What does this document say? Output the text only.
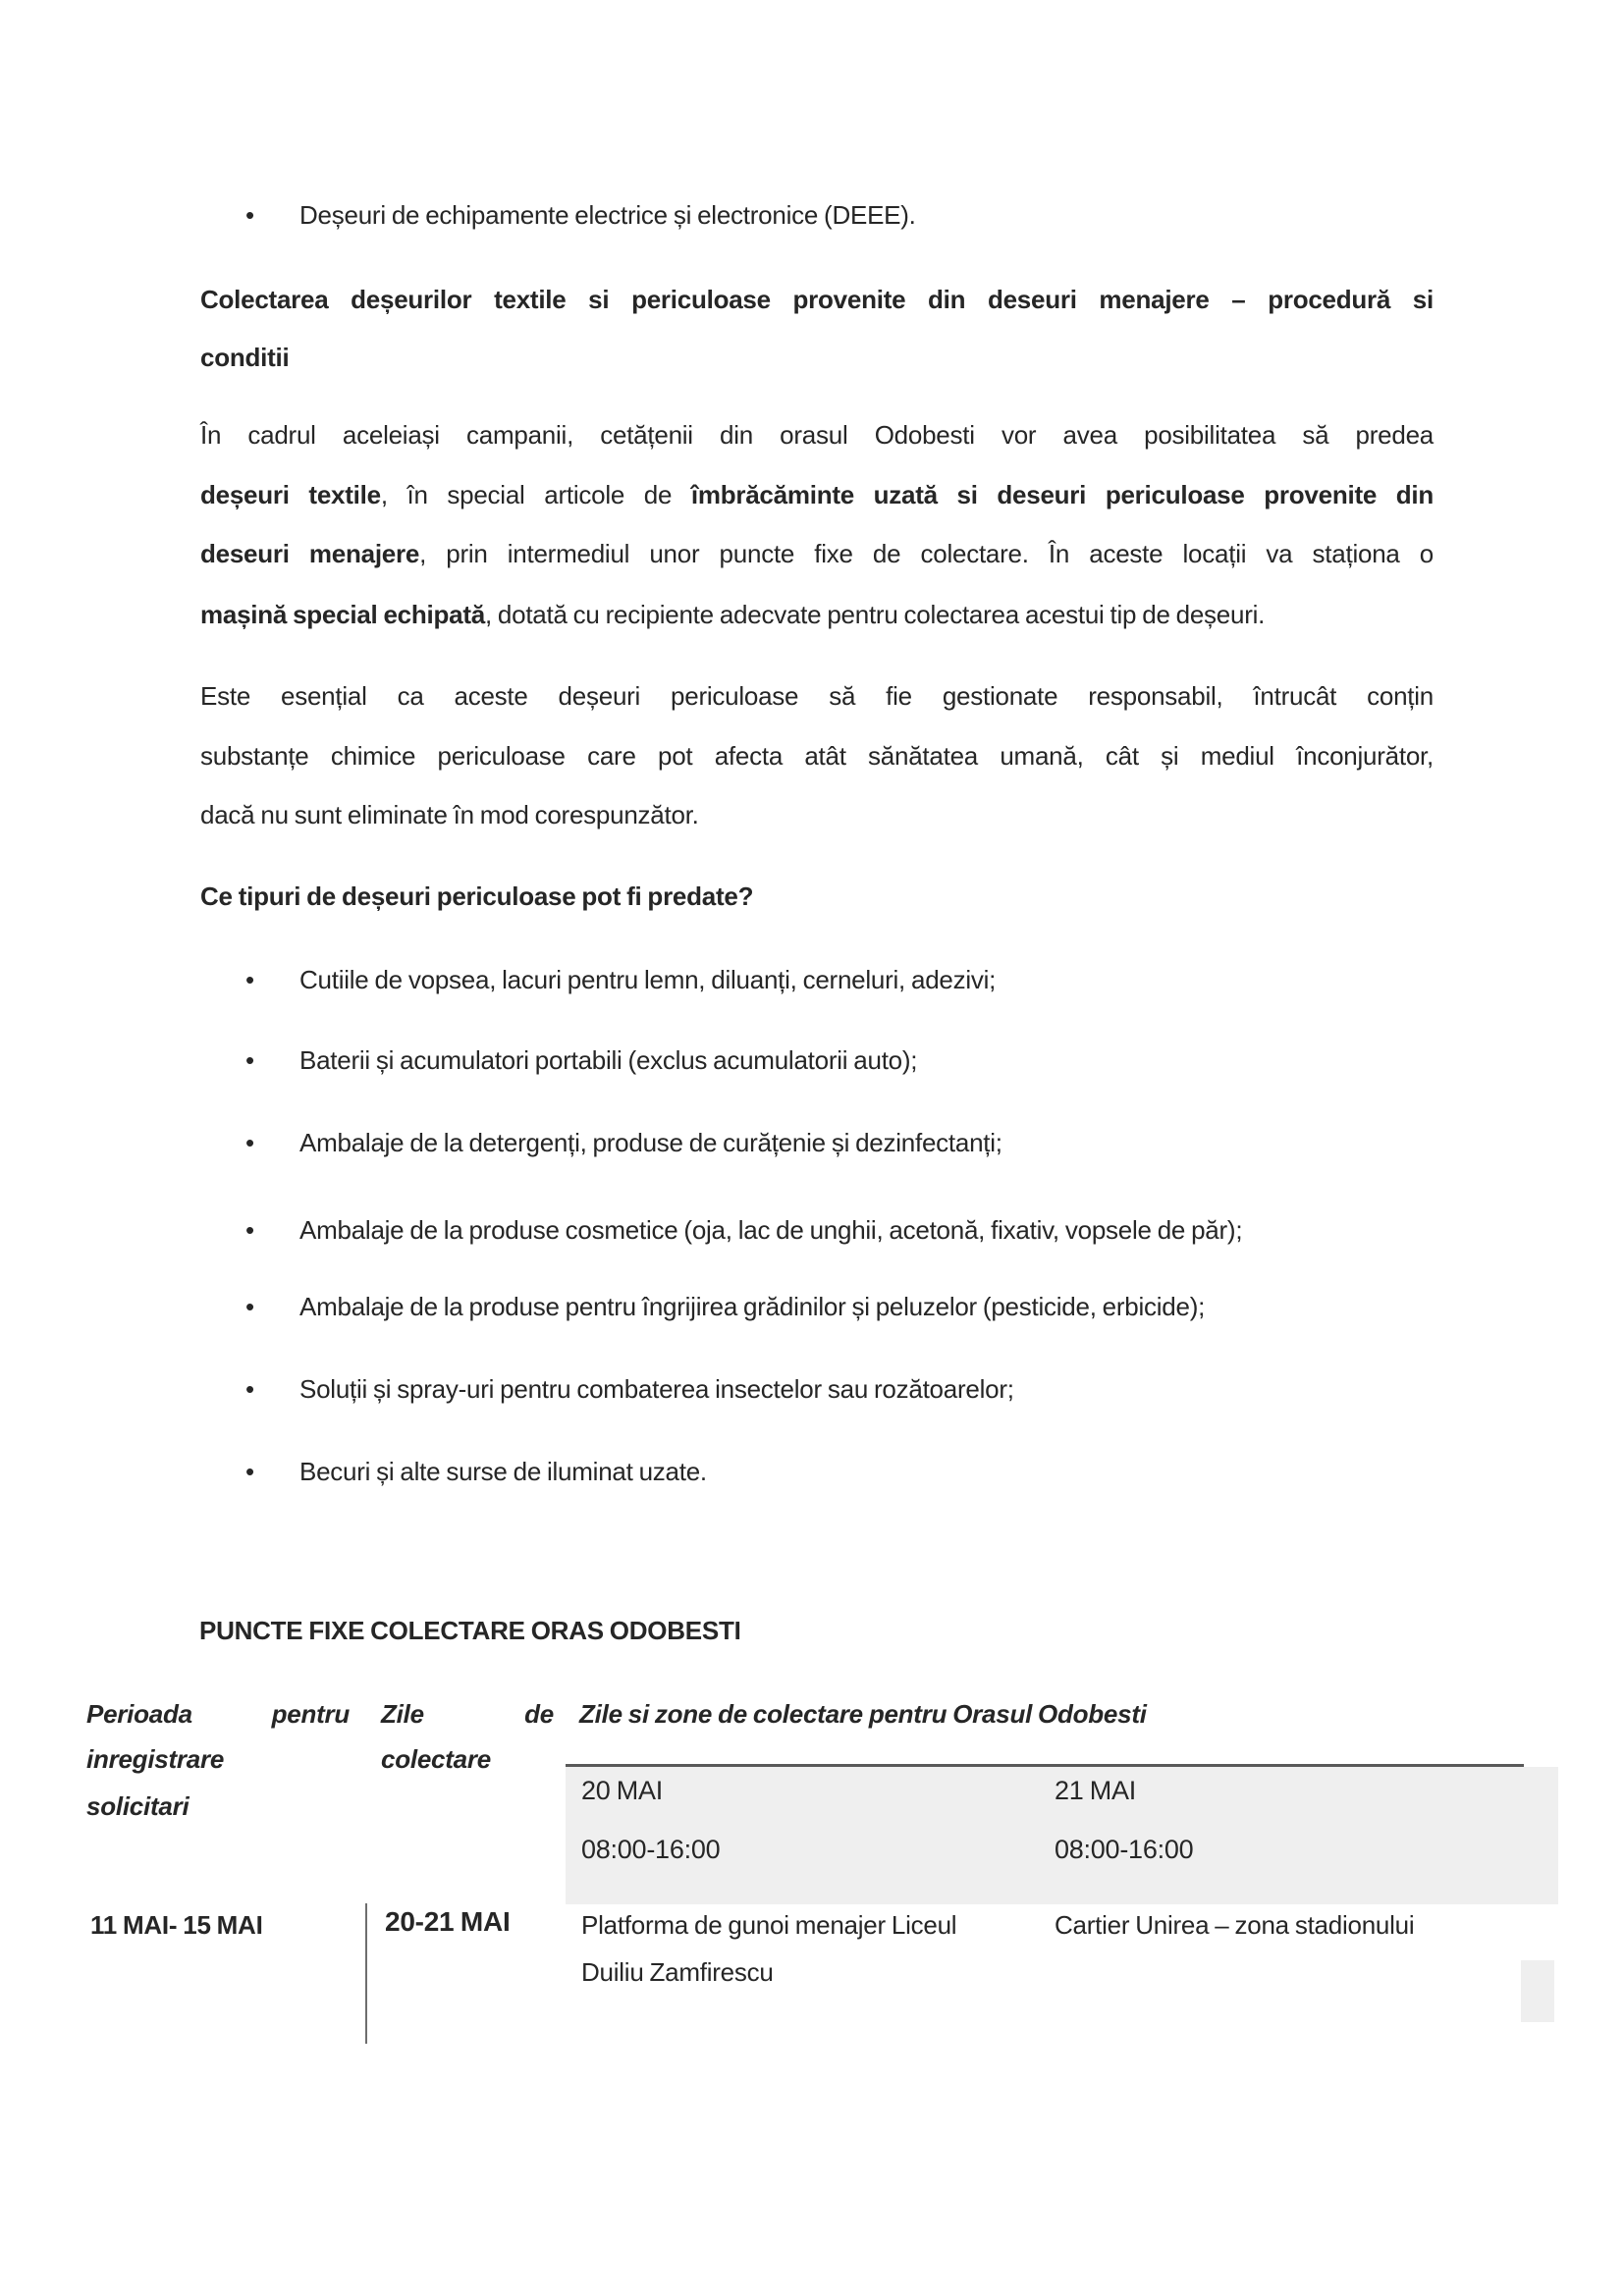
• Deșeuri de echipamente electrice și electronice (DEEE).
Colectarea deșeurilor textile si periculoase provenite din deseuri menajere – procedură si
conditii
În cadrul aceleiași campanii, cetățenii din orasul Odobesti vor avea posibilitatea să predea
deșeuri textile, în special articole de îmbrăcăminte uzată si deseuri periculoase provenite din
deseuri menajere, prin intermediul unor puncte fixe de colectare. În aceste locații va staționa o
mașină special echipată, dotată cu recipiente adecvate pentru colectarea acestui tip de deșeuri.
Este esențial ca aceste deșeuri periculoase să fie gestionate responsabil, întrucât conțin
substanțe chimice periculoase care pot afecta atât sănătatea umană, cât și mediul înconjurător,
dacă nu sunt eliminate în mod corespunzător.
Ce tipuri de deșeuri periculoase pot fi predate?
• Cutiile de vopsea, lacuri pentru lemn, diluanți, cerneluri, adezivi;
• Baterii și acumulatori portabili (exclus acumulatorii auto);
• Ambalaje de la detergenți, produse de curățenie și dezinfectanți;
• Ambalaje de la produse cosmetice (oja, lac de unghii, acetonă, fixativ, vopsele de păr);
• Ambalaje de la produse pentru îngrijirea grădinilor și peluzelor (pesticide, erbicide);
• Soluții și spray-uri pentru combaterea insectelor sau rozătoarelor;
• Becuri și alte surse de iluminat uzate.
PUNCTE FIXE COLECTARE ORAS ODOBESTI
Perioada pentru
inregistrare
solicitari
Zile de
colectare
Zile si zone de colectare pentru Orasul Odobesti
20 MAI
08:00-16:00
21 MAI
08:00-16:00
11 MAI- 15 MAI	20-21 MAI	Platforma de gunoi menajer Liceul
Duiliu Zamfirescu
Cartier Unirea – zona stadionului
